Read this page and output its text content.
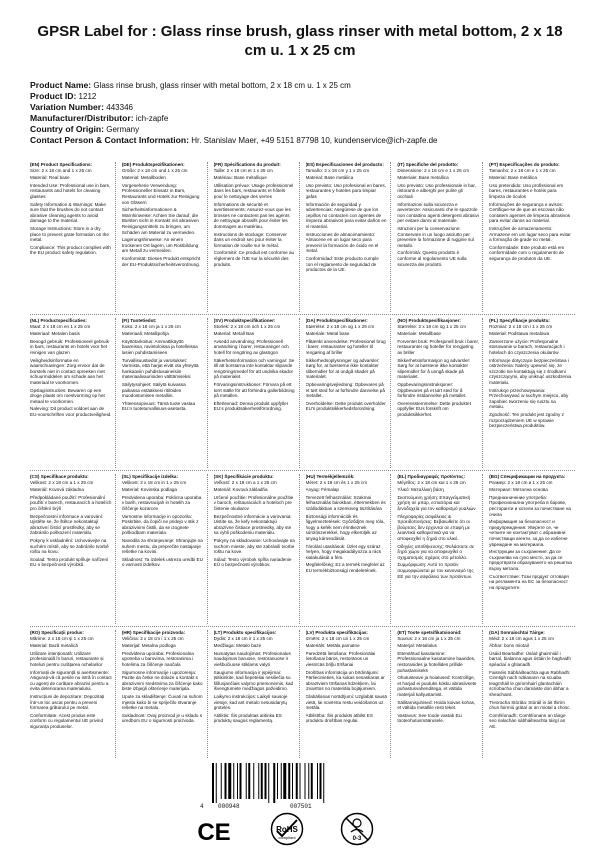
GPSR Label for : Glass rinse brush, glass rinser with metal bottom, 2 x 18 cm u. 1 x 25 cm
Product Name: Glass rinse brush, glass rinser with metal bottom, 2 x 18 cm u. 1 x 25 cm
Product ID: 1212
Variation Number: 443346
Manufacturer/Distributor: ich-zapfe
Country of Origin: Germany
Contact Person & Contact Information: Hr. Stanislav Maer, +49 5151 87798 10, kundenservice@ich-zapfe.de
(EN) Product Specifications:

Size: 2 x 18 cm and 1 x 25 cm

Material: Real base

Intended Use: Professional use in bars, restaurants and hotels for cleaning glasses

Safety Information & Warnings: Make sure that the brushes do not contact abrasive cleaning agents to avoid damage to the material.

Storage Instructions: Store in a dry place to prevent grate formation on the metal.

Compliance: This product complies with the EU product safety regulation.

(DE) Produktspezifikationen:

Größe: 2 x 18 cm und 1 x 25 cm

Material: Metallboden

Vorgesehene Verwendung: Professioneller Einsatz in Bars, Restaurants und Hotels zur Reinigung von Gläsern

Sicherheitsinformationen & Warnhinweise: Achten Sie darauf, die Bürsten nicht in Kontakt mit abrasiven Reinigungsmitteln zu bringen, um Schäden am Material zu vermeiden.

Lagerungshinweise: An einem trockenen Ort lagern, um Rostbildung am Metall zu vermeiden.

Konformität: Dieses Produkt entspricht der EU-Produktsicherheitsverordnung.

(FR) Spécifications du produit:

Taille: 2 x 18 cm et 1 x 25 cm

Matériau: Base métallique

Utilisation prévue: Usage professionnel dans les bars, restaurants et hôtels pour le nettoyage des verres

Informations de sécurité et avertissements: Assurez-vous que les brosses ne contactent pas les agents de nettoyage abrasifs pour éviter les dommages au matériau.

Instructions de stockage: Conserver dans un endroit sec pour éviter la formation de rouille sur le métal.

Conformité: Ce produit est conforme au règlement de l'UE sur la sécurité des produits.

(ES) Especificaciones del producto:

Tamaño: 2 x 18 cm y 1 x 25 cm

Material: Base metálica

Uso previsto: Uso profesional en bares, restaurantes y hoteles para limpiar gafas

Información de seguridad y advertencias: Asegúrese de que los cepillos no contacten con agentes de limpieza abrasivos para evitar daños en el material.

Instrucciones de almacenamiento: Almacene en un lugar seco para prevenir la formación de óxido en el metal.

Conformidad: Este producto cumple con el reglamento de seguridad de productos de la UE.

(IT) Specifiche del prodotto:

Dimensione: 2 x 18 cm e 1 x 25 cm

Materiale: Base metallica

Uso previsto: Uso professionale in bar, ristoranti e alberghi per pulire gli occhiali

Informazioni sulla sicurezza e avvertenze: Assicurarsi che le spazzole non contattino agenti detergenti abrasivi per evitare danni al materiale.

Istruzioni per la conservazione: Conservare in un luogo asciutto per prevenire la formazione di ruggine sul metallo.

Conformità: Questo prodotto è conforme al regolamento UE sulla sicurezza dei prodotti.

(PT) Especificações do produto:

Tamanho: 2 x 18 cm e 1 x 25 cm

Material: Base metálica

Uso pretendido: Uso profissional em bares, restaurantes e hotéis para limpeza de óculos

Informações de segurança e avisos: Certifique-se de que as escovas não contatem agentes de limpeza abrasivos para evitar danos ao material.

Instruções de armazenamento: Armazene em um lugar seco para evitar a formação de grade no metal.

Conformidade: Este produto está em conformidade com o regulamento de segurança de produtos da UE.

(NL) Productspecificaties:

Maat: 2 x 18 cm en 1 x 25 cm

Materiaal: Metalen basis

Beoogd gebruik: Professioneel gebruik in bars, restaurants en hotels voor het reinigen van glazen

Veiligheidsinformatie en waarschuwingen: Zorg ervoor dat de borstels niet in contact spreeken met schuurmiddelen om schade aan het materiaal te voorkomen.

Opslaginstructies: Bewaren op een droge plaats om roestvorming op het metaal te voorkomen.

Naleving: Dit product voldoet aan de EU-voorschriften voor productveiligheid.

(FI) Tuotetiedot:

Koko: 2 x 18 cm ja 1 x 25 cm

Materiaali: Metallipohja

Käyttötarkoitus: Ammattikäyttö baareissa, ravintoloissa ja hotelleissa lasien puhdistamiseen

Turvallisuustiedot ja varoitukset: Varmista, että harjat eivät ota yhteyttä hankaaviin puhdistusaineisiin materiaalivaurioiden välttämiseksi

Säilytysohjeet: Säilytä kuivassa paikassa estääksesi ritilöiden muodostumisen metalliin.

Yhteensopivuus: Tämä tuote vastaa EU:n tuoteturvallisuus-asetusta.

(SV) Produktspecifikationer:

Storlek: 2 x 18 cm och 1 x 25 cm

Material: Metall Bas

Avsedd användning: Professionell användning i barer, restauranger och hotell för rengöring av glasögon

Säkerhetsinformation och varningar: Se till att borstarna inte kontaktar slipande rengöringsmedel för att undvika skador på materialet.

Förvaringsinstruktioner: Förvara på ett torrt ställe för att förhindra gallerbildning på metallen.

Efterlevnad: Denna produkt uppfyller EU:s produktsäkerhetsförordning.

(DA) Produktspecifikationer:

Størrelse: 2 x 18 cm og 1 x 25 cm

Materiale: Metal base

Påtænkt anvendelse: Professionel brug i barer, restauranter og hoteller til rengøring af briller

Sikkerhedsoplysninger og advarsler: Sørg for, at børsterne ikke kontakter slibemidler for at undgå skader på materialet.

Opbevaringsvejledning: Opbevares på et tørt sted for at forhindre dannelse på metallet.

Overholdelse: Dette produkt overholder EU's produktsikkerhedsforordning.

(NO) Produktspesifikasjoner:

Størrelse: 2 x 18 cm og 1 x 25 cm

Materiale: Metallbase

Forventet bruk: Profesjonell bruk i barer, restauranter og hoteller for rengjøring av briller

Sikkerhetsinformasjon og advarsler: Sørg for at børstene ikke kontakter slipemidler for å unngå skade på materialet.

Oppbevaringsinstruksjoner: Oppbevares på et tørt sted for å forhindre ristdannelse på metallet.

Overensstemmelse: Dette produktet oppfyller EUs forskrift om produktsikkerhet.

(PL) Specyfikacje produktu:

Rozmiar: 2 x 18 cm i 1 x 25 cm

Materiał: Podstawa metalowa

Zamierzone użycie: Profesjonalne stosowanie w barach, restauracjach i hotelach do czyszczenia okularów

Informacje dotyczące bezpieczeństwa i ostrzeżenia: Należy upewnić się, że szczotki nie kontaktują się z środkami czyszczącymi, aby uniknąć uszkodzenia materiału.

Instrukcje przechowywania: Przechowywać w suchym miejscu, aby zapobiec tworzeniu się rusztu na metalu.

Zgodność: Ten produkt jest zgodny z rozporządzeniem UE w sprawie bezpieczeństwa produktów.

(CS) Specifikace produktu:

Velikost: 2 x 18 cm a 1 x 25 cm

Materiál: Kovová základna

Předpokládané použití: Profesionální použití v barech, restauracích a hotelích pro čištění brýlí

Bezpečnostní informace a varování: Ujistěte se, že štětce nekontaktují abrazivní čisticí prostředky, aby se zabránilo poškození materiálu.

Pokyny k uskladnění: Uchovávejte na suchém místě, aby se zabránilo tvorbě roštu na kovu.

Soulad: Tento produkt splňuje nařízení EU o bezpečnosti výrobků.

(SL) Specifikacije izdelka:

Velikost: 2 x 18 cm in 1 x 25 cm

Material: Kovinska podlaga

Predvidena uporaba: Poklicna uporaba v barih, restavracijah in hotelih za čiščenje kozarcev

Varnostne informacije in opozorila: Poskrbite, da čopiči ne pridejo v stik z abrazivnimi čistili, da se izognete poškodbam materiala.

Navodila za shranjevanje: Shranjujte na suhem mestu, da preprečite nastajanje rešetke na kovini.

Skladnost: Ta izdelek ustreza uredbi EU o varnosti izdelkov.

(SK) Špecifikácie produktu:

Veľkosť: 2 x 18 cm a 1 x 25 cm

Materiál: Kovová základňa

Určené použitie: Profesionálne použitie v baroch, reštauráciách a hoteloch pre čistenie okuliarov

Bezpečnostné informácie a varovania: Uistite sa, že kefy nekontaktujú abrazívne čistiace prostriedky, aby ste sa vyhli poškodeniu materiálu.

Pokyny na skladovanie: Uchovávajte na suchom mieste, aby ste zabránili tvorbe roštu na kove.

Súlad: Tento výrobok spĺňa nariadenie EÚ o bezpečnosti výrobkov.

(HU) Termékjellemzők:

Méret: 2 x 18 cm és 1 x 25 cm

Anyag: Fémalap

Tervezett felhasználás: Szakmai felhasználás bárokban, éttermekben és szállodákban a szemüveg tisztítására

Biztonsági információk és figyelmeztetések: Győződjön meg róla, hogy a kefék nem érintkeznek súrolószerekkel, hogy elkerüljék az anyag károsodását.

Tárolási utasítások: Üzlet egy száraz helyen, hogy megakadályozza a rács kialakulását a fém.

Megfelelőség: Ez a termék megfelel az EU termékbiztonsági rendeletének.

(EL) Προδιαγραφές προϊόντος:

Μέγεθος: 2 x 18 cm και 1 x 25 cm

Υλικό: Μεταλλική βάση

Σκοπούμενη χρήση: Επαγγελματική χρήση σε μπαρ, εστιατόρια και ξενοδοχεία για τον καθαρισμό γυαλιών

Πληροφορίες ασφάλειας & προειδοποιήσεις: Βεβαιωθείτε ότι οι βούρτσες δεν έρχονται σε επαφή με λειαντικά καθαριστικά για να αποφευχθεί η ζημιά στο υλικό.

Οδηγίες αποθήκευσης: Φυλάσσετε σε ξηρό χώρο για να αποφευχθεί ο σχηματισμός σχάρας στο μέταλλο.

Συμμόρφωση: Αυτό το προϊόν συμμορφώνεται με τον κανονισμό της ΕΕ για την ασφάλεια των προϊόντων.

(BG) Спецификации на продукта:

Размер: 2 x 18 cm и 1 x 25 cm

Материал: Метална основа

Предназначение употреба: Професионална употреба в барове, ресторанти и хотели за почистване на очила

Информация за безопасност и предупреждения: Уверете се, че четките не контактуват с абразивни почистващи агенти, за да се избегне увреждане на материала.

Инструкции за съхранение: Да се съхранява на сухо място, за да се предотврати образуването на решетка върху метала.

Съответствие: Този продукт отговаря на регламента на ЕС за безопасност на продуктите.

(RO) Specificații produs:

Mărime: 2 x 18 cm și 1 x 25 cm

Material: Bază metalică

Utilizare intenționată: Utilizare profesională în baruri, restaurante și hoteluri pentru curățarea ochelarilor

Informații de siguranță și avertismente: Asigurați-vă că periile nu intră în contact cu agenți de curățare abrazivi pentru a evita deteriorarea materialului.

Instrucțiuni de depozitare: Depozitați într-un loc uscat pentru a preveni formarea grătarului pe metal.

Conformitate: Acest produs este conform cu regulamentul UE privind siguranța produselor.

(HR) Specifikacije proizvoda:

Veličina: 2 x 18 cm i 1 x 25 cm

Materijal: Metalna podloga

Predviđena uporaba: Profesionalna upotreba u barovima, restoranima i hotelima za čišćenje naočala

Sigurnosne informacije i upozorenja: Pazite da četke ne dolaze u kontakt s abrazivnim sredstvima za čišćenje kako biste izbjegli oštećenje materijala.

Upute za skladištenje: Čuvati na suhom mjestu kako bi se spriječilo stvaranje rešetke na metalu.

Sukladnost: Ovaj proizvod je u skladu s uredbom EU o sigurnosti proizvoda.

(LT) Produkto specifikacijos:

Dydis: 2 x 18 cm ir 1 x 25 cm

Medžiaga: Metalo bazė

Numatytas naudojimas: Profesionalus naudojimas baruose, restoranuose ir viešbučiuose stiklams valyti

Saugumo informacija ir įspėjimai: Įsitikinkite, kad šepetėliai nesiliečia su šlifuojančiais valymo priemonėmis, kad išvengtumėte medžiagos pažeidimo.

Laikymo instrukcijos: Laikyti sausoje vietoje, kad ant metalo nesusidarytų grotelės.

Atitiktis: Šis produktas atitinka ES produktų saugos reglamentą.

(LV) Produkta specifikācijas:

Izmērs: 2 x 18 cm un 1 x 25 cm

Materiāls: Metāla pamatne

Paredzētā lietošana: Profesionālai lietošanai bāros, restorānos un viesnīcās briļļu tīrīšanai

Drošības informācija un brīdinājumi: Pārliecinieties, ka sukas nesaskaras ar abrazīviem tīrīšanas līdzekļiem, lai izvairītos no materiāla bojājumiem.

Glabāšanas norādījumi: Uzglabāt sausā vietā, lai novērstu restu veidošanos uz metāla.

Atbilstība: Šis produkts atbilst ES produktu drošības regulai.

(ET) Toote spetsifikatsioonid:

Suurus: 2 x 18 cm ja 1 x 25 cm

Materjal: Metallalus

Ettenähtud kasutamine: Professionaalne kasutamine baarides, restoranides ja hotellides prillide puhastamiseks

Ohutusteave ja hoiatused: Kontrollige, et harjad ei puutuks kokku abrasiivsete puhastusvahenditega, et vältida materjali kahjustamist.

Säilitamisjuhised: Hoida kuivas kohas, et vältida metallile resti teket.

Vastavus: See toode vastab ELi tooteohutusmäärusele.

(GA) Sonraíochtaí Táirge:

Méid: 2 x 18 cm agus 1 x 25 cm

Ábhar: bonn miotail

Úsáid Beartaithe: Úsáid ghairmiúil i barraí, bialanna agus óstáin le haghaidh spéaclaí a ghlanadh

Faisnéis Sábháilteachta agus Rabhadh: Cinntigh nach ndéanann na scuaba teagmháil le gníomhairí glantacháin scríobacha chun damáiste don ábhar a sheachaint.

Treoracha Stórála: Stóráil in áit thirim chun foirmiú grátaí ar an miotal a chosc.

Comhlíonadh: Comhlíonann an táirge seo rialachán sábháilteachta táirgí an AE.

4 000948	007501
CE	RoHS
compliant	0-3
